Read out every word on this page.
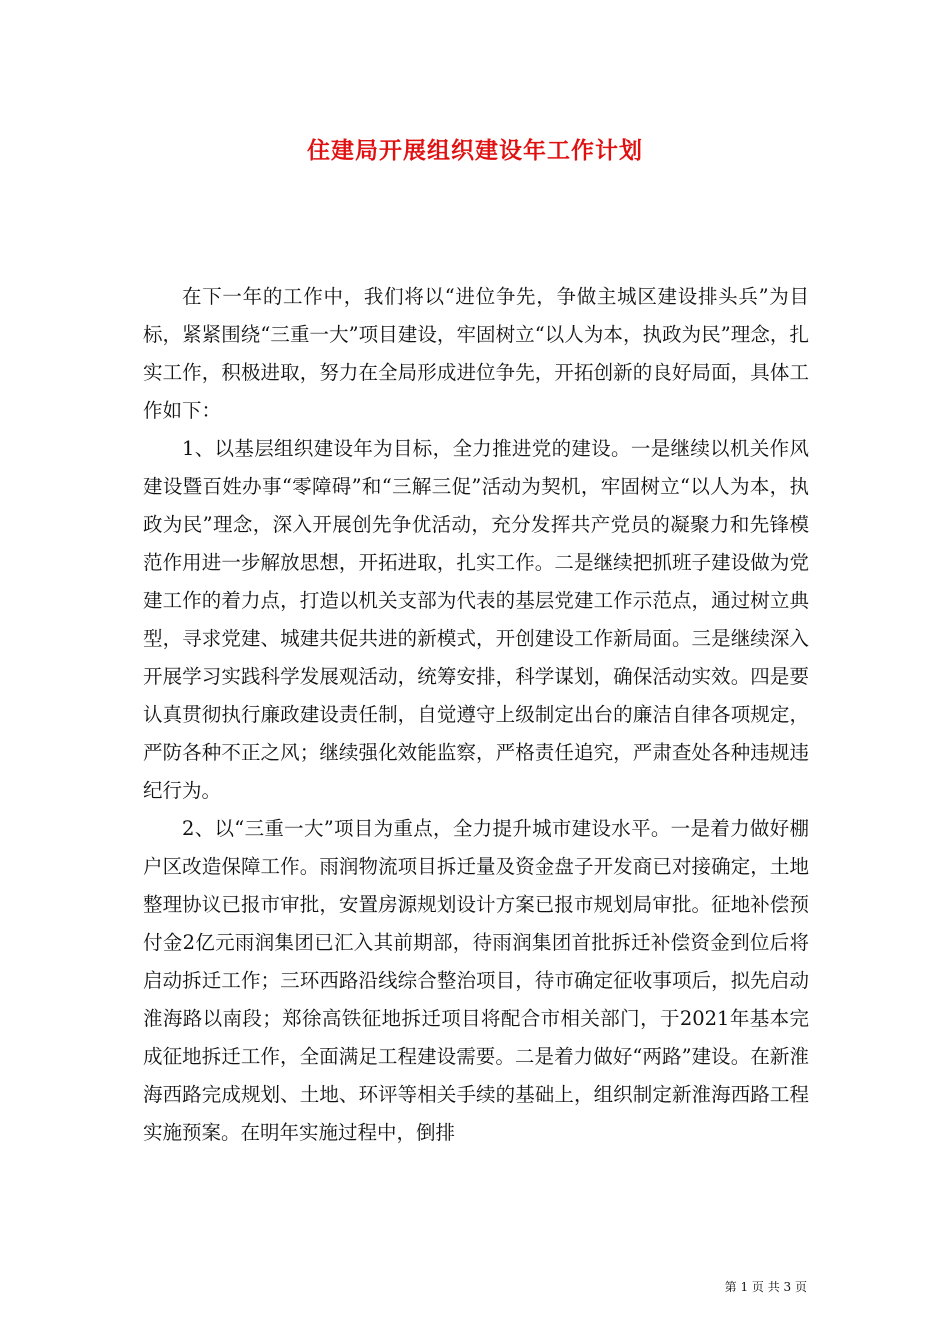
住建局开展组织建设年工作计划

在下一年的工作中，我们将以“进位争先，争做主城区建设排头兵”为目标，紧紧围绕“三重一大”项目建设，牢固树立“以人为本，执政为民”理念，扎实工作，积极进取，努力在全局形成进位争先，开拓创新的良好局面，具体工作如下：

1、以基层组织建设年为目标，全力推进党的建设。一是继续以机关作风建设暨百姓办事“零障碍”和“三解三促”活动为契机，牢固树立“以人为本，执政为民”理念，深入开展创先争优活动，充分发挥共产党员的凝聚力和先锋模范作用进一步解放思想，开拓进取，扎实工作。二是继续把抓班子建设做为党建工作的着力点，打造以机关支部为代表的基层党建工作示范点，通过树立典型，寻求党建、城建共促共进的新模式，开创建设工作新局面。三是继续深入开展学习实践科学发展观活动，统筹安排，科学谋划，确保活动实效。四是要认真贯彻执行廉政建设责任制，自觉遵守上级制定出台的廉洁自律各项规定，严防各种不正之风；继续强化效能监察，严格责任追究，严肃查处各种违规违纪行为。

2、以“三重一大”项目为重点，全力提升城市建设水平。一是着力做好棚户区改造保障工作。雨润物流项目拆迁量及资金盘子开发商已对接确定，土地整理协议已报市审批，安置房源规划设计方案已报市规划局审批。征地补偿预付金2亿元雨润集团已汇入其前期部，待雨润集团首批拆迁补偿资金到位后将启动拆迁工作；三环西路沿线综合整治项目，待市确定征收事项后，拟先启动淮海路以南段；郑徐高铁征地拆迁项目将配合市相关部门，于2021年基本完成征地拆迁工作，全面满足工程建设需要。二是着力做好“两路”建设。在新淮海西路完成规划、土地、环评等相关手续的基础上，组织制定新淮海西路工程实施预案。在明年实施过程中，倒排

第 1 页 共 3 页
